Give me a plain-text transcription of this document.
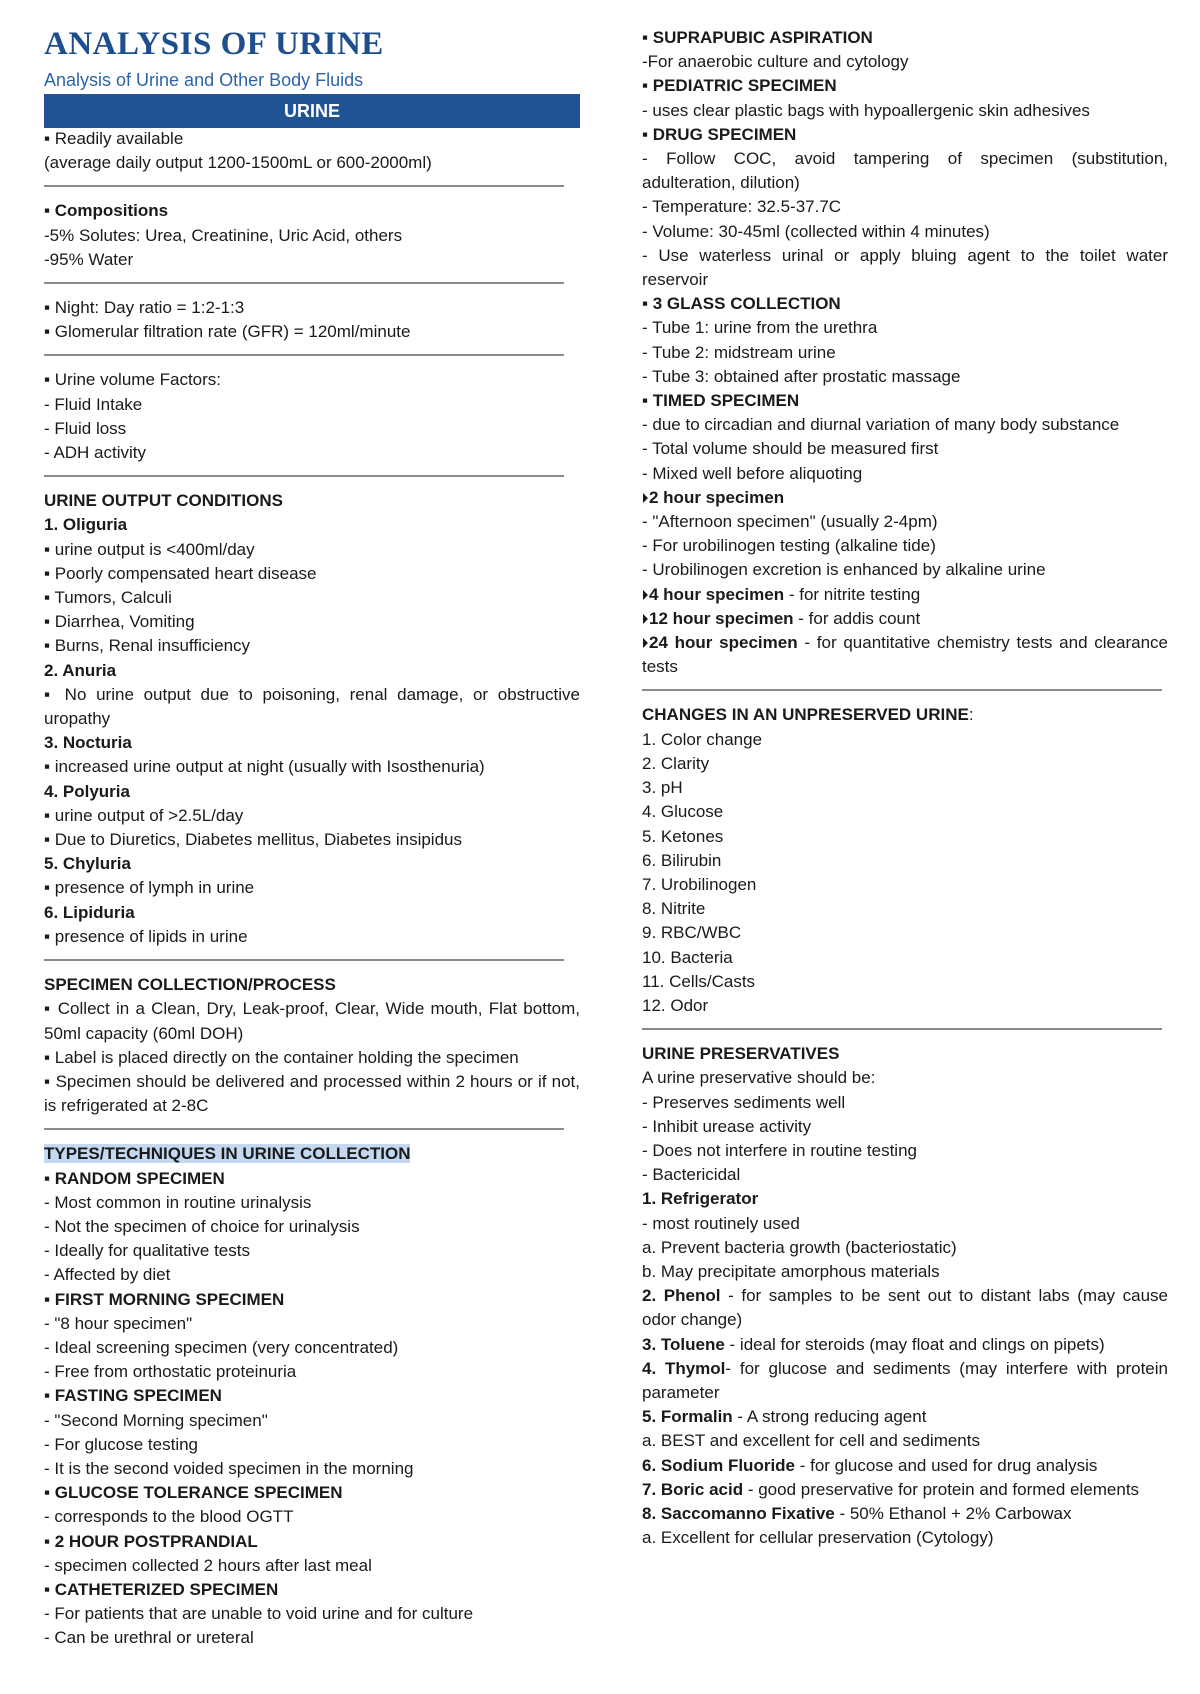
ANALYSIS OF URINE
Analysis of Urine and Other Body Fluids
URINE
▪ Readily available
(average daily output 1200-1500mL or 600-2000ml)
▪ Compositions
-5% Solutes: Urea, Creatinine, Uric Acid, others
-95% Water
▪ Night: Day ratio = 1:2-1:3
▪ Glomerular filtration rate (GFR) = 120ml/minute
▪ Urine volume Factors:
- Fluid Intake
- Fluid loss
- ADH activity
URINE OUTPUT CONDITIONS
1. Oliguria
▪ urine output is <400ml/day
▪ Poorly compensated heart disease
▪ Tumors, Calculi
▪ Diarrhea, Vomiting
▪ Burns, Renal insufficiency
2. Anuria
▪ No urine output due to poisoning, renal damage, or obstructive uropathy
3. Nocturia
▪ increased urine output at night (usually with Isosthenuria)
4. Polyuria
▪ urine output of >2.5L/day
▪ Due to Diuretics, Diabetes mellitus, Diabetes insipidus
5. Chyluria
▪ presence of lymph in urine
6. Lipiduria
▪ presence of lipids in urine
SPECIMEN COLLECTION/PROCESS
▪ Collect in a Clean, Dry, Leak-proof, Clear, Wide mouth, Flat bottom, 50ml capacity (60ml DOH)
▪ Label is placed directly on the container holding the specimen
▪ Specimen should be delivered and processed within 2 hours or if not, is refrigerated at 2-8C
TYPES/TECHNIQUES IN URINE COLLECTION
▪ RANDOM SPECIMEN
- Most common in routine urinalysis
- Not the specimen of choice for urinalysis
- Ideally for qualitative tests
- Affected by diet
▪ FIRST MORNING SPECIMEN
- "8 hour specimen"
- Ideal screening specimen (very concentrated)
- Free from orthostatic proteinuria
▪ FASTING SPECIMEN
- "Second Morning specimen"
- For glucose testing
- It is the second voided specimen in the morning
▪ GLUCOSE TOLERANCE SPECIMEN
- corresponds to the blood OGTT
▪ 2 HOUR POSTPRANDIAL
- specimen collected 2 hours after last meal
▪ CATHETERIZED SPECIMEN
- For patients that are unable to void urine and for culture
- Can be urethral or ureteral
▪ SUPRAPUBIC ASPIRATION
-For anaerobic culture and cytology
▪ PEDIATRIC SPECIMEN
- uses clear plastic bags with hypoallergenic skin adhesives
▪ DRUG SPECIMEN
- Follow COC, avoid tampering of specimen (substitution, adulteration, dilution)
- Temperature: 32.5-37.7C
- Volume: 30-45ml (collected within 4 minutes)
- Use waterless urinal or apply bluing agent to the toilet water reservoir
▪ 3 GLASS COLLECTION
- Tube 1: urine from the urethra
- Tube 2: midstream urine
- Tube 3: obtained after prostatic massage
▪ TIMED SPECIMEN
- due to circadian and diurnal variation of many body substance
- Total volume should be measured first
- Mixed well before aliquoting
2 hour specimen
- "Afternoon specimen" (usually 2-4pm)
- For urobilinogen testing (alkaline tide)
- Urobilinogen excretion is enhanced by alkaline urine
4 hour specimen - for nitrite testing
12 hour specimen - for addis count
24 hour specimen - for quantitative chemistry tests and clearance tests
CHANGES IN AN UNPRESERVED URINE:
1. Color change
2. Clarity
3. pH
4. Glucose
5. Ketones
6. Bilirubin
7. Urobilinogen
8. Nitrite
9. RBC/WBC
10. Bacteria
11. Cells/Casts
12. Odor
URINE PRESERVATIVES
A urine preservative should be:
- Preserves sediments well
- Inhibit urease activity
- Does not interfere in routine testing
- Bactericidal
1. Refrigerator
- most routinely used
a. Prevent bacteria growth (bacteriostatic)
b. May precipitate amorphous materials
2. Phenol - for samples to be sent out to distant labs (may cause odor change)
3. Toluene - ideal for steroids (may float and clings on pipets)
4. Thymol- for glucose and sediments (may interfere with protein parameter
5. Formalin - A strong reducing agent
a. BEST and excellent for cell and sediments
6. Sodium Fluoride - for glucose and used for drug analysis
7. Boric acid - good preservative for protein and formed elements
8. Saccomanno Fixative - 50% Ethanol + 2% Carbowax
a. Excellent for cellular preservation (Cytology)
